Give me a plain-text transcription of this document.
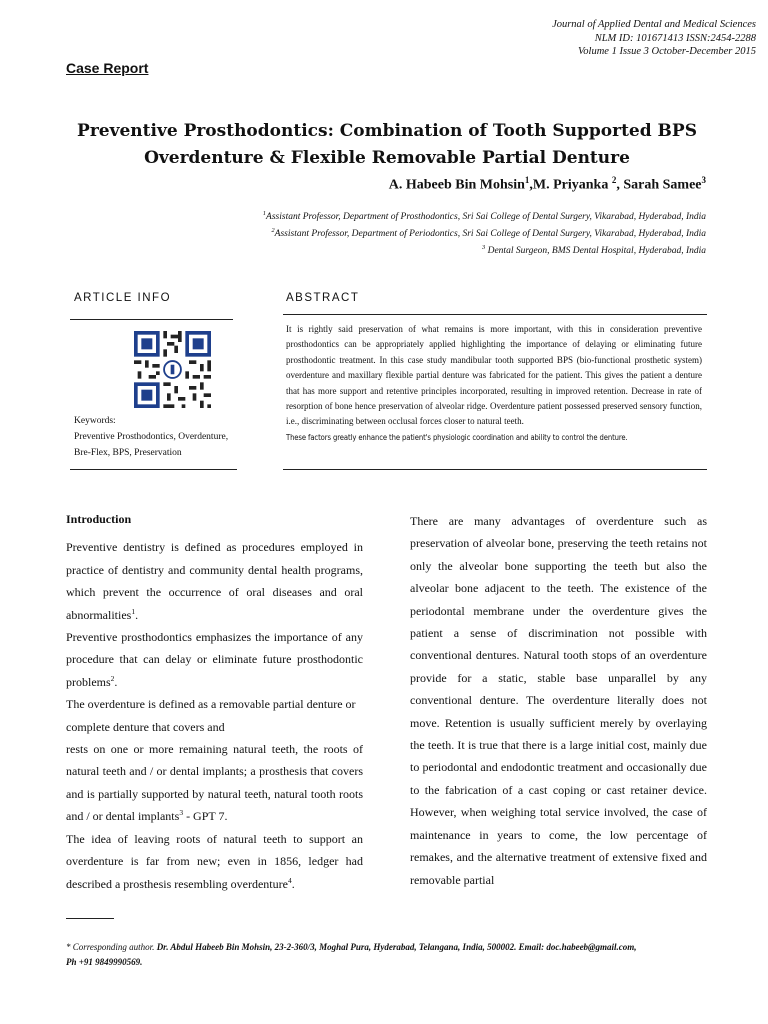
Journal of Applied Dental and Medical Sciences
NLM ID: 101671413 ISSN:2454-2288
Volume 1 Issue 3 October-December 2015
Case Report
Preventive Prosthodontics: Combination of Tooth Supported BPS
Overdenture & Flexible Removable Partial Denture
A. Habeeb Bin Mohsin$^1$,M. Priyanka $^2$, Sarah Samee$^3$
$^1$Assistant Professor, Department of Prosthodontics, Sri Sai College of Dental Surgery, Vikarabad, Hyderabad, India
$^2$Assistant Professor, Department of Periodontics, Sri Sai College of Dental Surgery, Vikarabad, Hyderabad, India
$^3$ Dental Surgeon, BMS Dental Hospital, Hyderabad, India
ARTICLE INFO	ABSTRACT
Keywords:
Preventive Prosthodontics, Overdenture,
Bre-Flex, BPS, Preservation
It is rightly said preservation of what remains is more important, with this in consideration preventive prosthodontics can be appropriately applied highlighting the importance of delaying or eliminating future prosthodontic treatment. In this case study mandibular tooth supported BPS (bio-functional prosthetic system) overdenture and maxillary flexible partial denture was fabricated for the patient. This gives the patient a denture that has more support and retentive principles incorporated, resulting in improved retention. Decrease in rate of resorption of bone hence preservation of alveolar ridge. Overdenture patient possessed preserved sensory function, i.e., discriminating between occlusal forces closer to natural teeth.
These factors greatly enhance the patient's physiologic coordination and ability to control the denture.

Introduction

Preventive dentistry is defined as procedures employed in practice of dentistry and community dental health programs, which prevent the occurrence of oral diseases and oral abnormalities$^1$.

Preventive prosthodontics emphasizes the importance of any procedure that can delay or eliminate future prosthodontic problems$^2$.

The overdenture is defined as a removable partial denture or complete denture that covers and

rests on one or more remaining natural teeth, the roots of natural teeth and / or dental implants; a prosthesis that covers and is partially supported by natural teeth, natural tooth roots and / or dental implants$^3$ - GPT 7.

The idea of leaving roots of natural teeth to support an overdenture is far from new; even in 1856, ledger had described a prosthesis resembling overdenture$^4$.

There are many advantages of overdenture such as preservation of alveolar bone, preserving the teeth retains not only the alveolar bone supporting the teeth but also the alveolar bone adjacent to the teeth. The existence of the periodontal membrane under the overdenture gives the patient a sense of discrimination not possible with conventional dentures. Natural tooth stops of an overdenture provide for a static, stable base unparallel by any conventional denture. The overdenture literally does not move. Retention is usually sufficient merely by overlaying the teeth. It is true that there is a large initial cost, mainly due to periodontal and endodontic treatment and occasionally due to the fabrication of a cast coping or cast retainer device. However, when weighing total service involved, the case of maintenance in years to come, the low percentage of remakes, and the alternative treatment of extensive fixed and removable partial

* Corresponding author. Dr. Abdul Habeeb Bin Mohsin, 23-2-360/3, Moghal Pura, Hyderabad, Telangana, India, 500002. Email: doc.habeeb@gmail.com,
Ph +91 9849990569.
